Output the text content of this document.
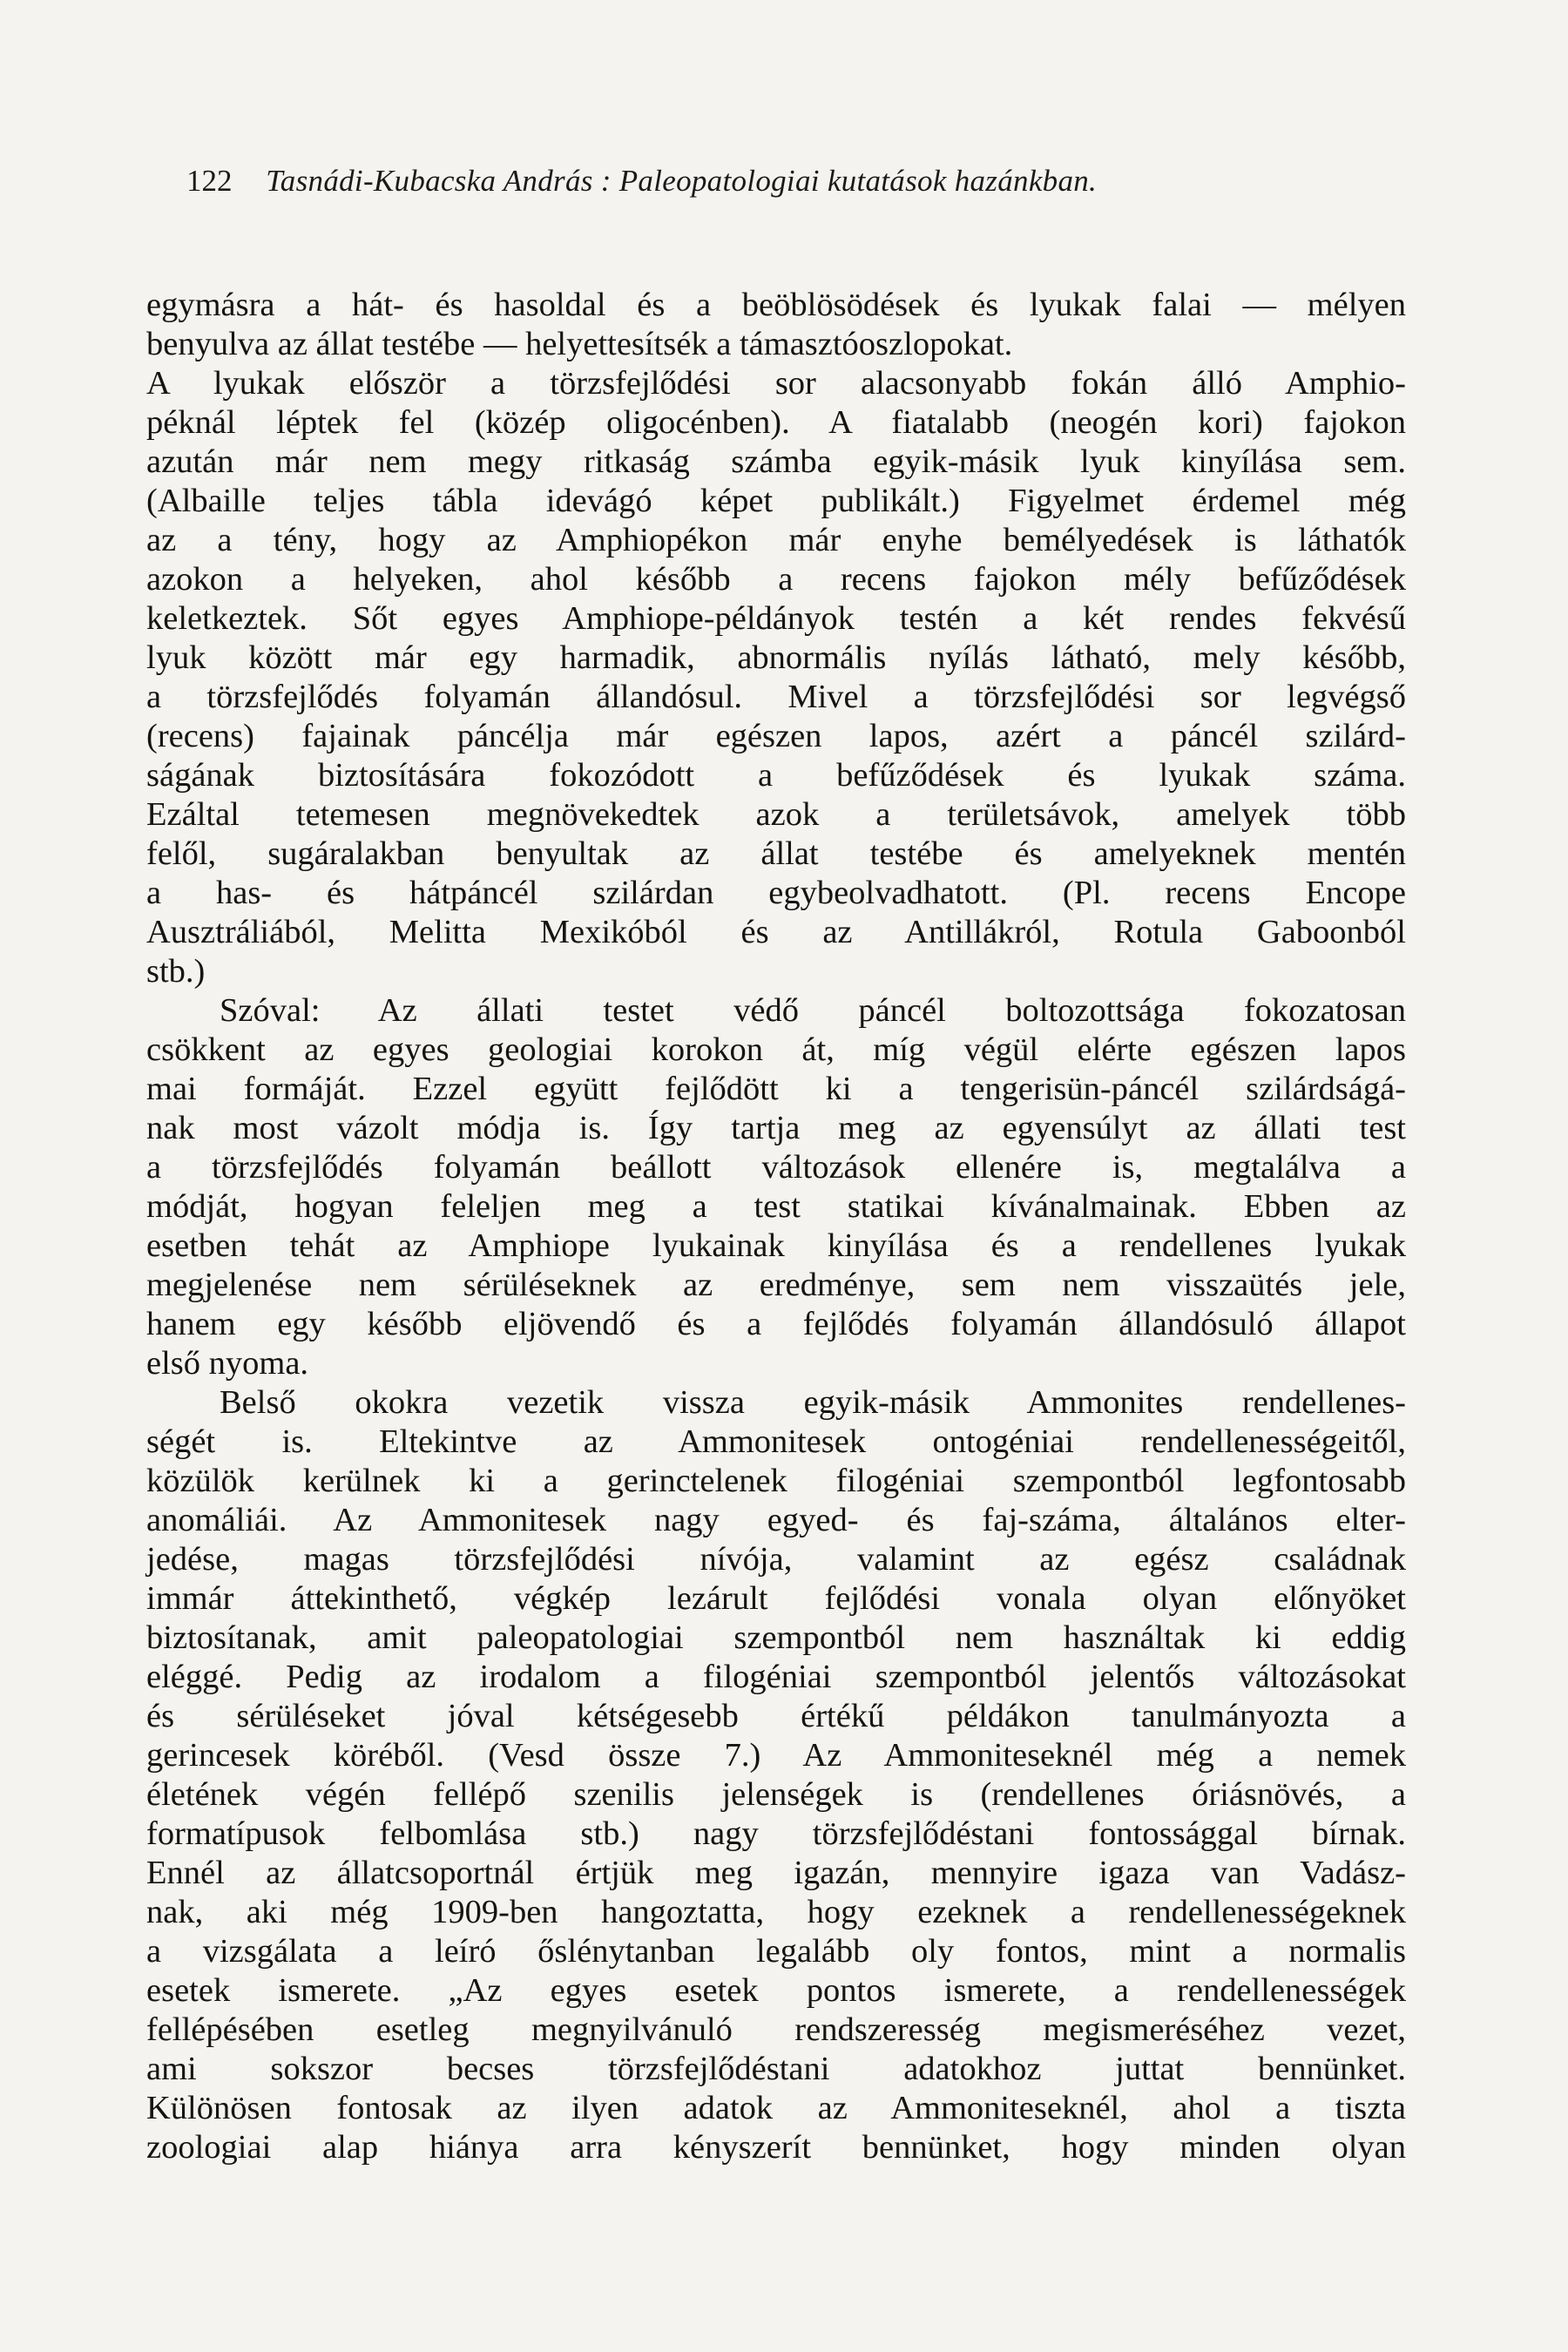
122 Tasnádi-Kubacska András : Paleopatologiai kutatások hazánkban.
egymásra a hát- és hasoldal és a beöblösödések és lyukak falai — mélyen
benyulva az állat testébe — helyettesítsék a támasztóoszlopokat.
A lyukak először a törzsfejlődési sor alacsonyabb fokán álló Amphio-
péknál léptek fel (közép oligocénben). A fiatalabb (neogén kori) fajokon
azután már nem megy ritkaság számba egyik-másik lyuk kinyílása sem.
(Albaille teljes tábla idevágó képet publikált.) Figyelmet érdemel még
az a tény, hogy az Amphiopékon már enyhe bemélyedések is láthatók
azokon a helyeken, ahol később a recens fajokon mély befűződések
keletkeztek. Sőt egyes Amphiope-példányok testén a két rendes fekvésű
lyuk között már egy harmadik, abnormális nyílás látható, mely később,
a törzsfejlődés folyamán állandósul. Mivel a törzsfejlődési sor legvégső
(recens) fajainak páncélja már egészen lapos, azért a páncél szilárd-
ságának biztosítására fokozódott a befűződések és lyukak száma.
Ezáltal tetemesen megnövekedtek azok a területsávok, amelyek több
felől, sugáralakban benyultak az állat testébe és amelyeknek mentén
a has- és hátpáncél szilárdan egybeolvadhatott. (Pl. recens Encope
Ausztráliából, Melitta Mexikóból és az Antillákról, Rotula Gaboonból
stb.)
Szóval: Az állati testet védő páncél boltozottsága fokozatosan
csökkent az egyes geologiai korokon át, míg végül elérte egészen lapos
mai formáját. Ezzel együtt fejlődött ki a tengerisün-páncél szilárdságá-
nak most vázolt módja is. Így tartja meg az egyensúlyt az állati test
a törzsfejlődés folyamán beállott változások ellenére is, megtalálva a
módját, hogyan feleljen meg a test statikai kívánalmainak. Ebben az
esetben tehát az Amphiope lyukainak kinyílása és a rendellenes lyukak
megjelenése nem sérüléseknek az eredménye, sem nem visszaütés jele,
hanem egy később eljövendő és a fejlődés folyamán állandósuló állapot
első nyoma.
Belső okokra vezetik vissza egyik-másik Ammonites rendellenes-
ségét is. Eltekintve az Ammonitesek ontogéniai rendellenességeitől,
közülök kerülnek ki a gerinctelenek filogéniai szempontból legfontosabb
anomáliái. Az Ammonitesek nagy egyed- és faj-száma, általános elter-
jedése, magas törzsfejlődési nívója, valamint az egész családnak
immár áttekinthető, végkép lezárult fejlődési vonala olyan előnyöket
biztosítanak, amit paleopatologiai szempontból nem használtak ki eddig
eléggé. Pedig az irodalom a filogéniai szempontból jelentős változásokat
és sérüléseket jóval kétségesebb értékű példákon tanulmányozta a
gerincesek köréből. (Vesd össze 7.) Az Ammoniteseknél még a nemek
életének végén fellépő szenilis jelenségek is (rendellenes óriásnövés, a
formatípusok felbomlása stb.) nagy törzsfejlődéstani fontossággal bírnak.
Ennél az állatcsoportnál értjük meg igazán, mennyire igaza van Vadász-
nak, aki még 1909-ben hangoztatta, hogy ezeknek a rendellenességeknek
a vizsgálata a leíró őslénytanban legalább oly fontos, mint a normalis
esetek ismerete. „Az egyes esetek pontos ismerete, a rendellenességek
fellépésében esetleg megnyilvánuló rendszeresség megismeréséhez vezet,
ami sokszor becses törzsfejlődéstani adatokhoz juttat bennünket.
Különösen fontosak az ilyen adatok az Ammoniteseknél, ahol a tiszta
zoologiai alap hiánya arra kényszerít bennünket, hogy minden olyan
